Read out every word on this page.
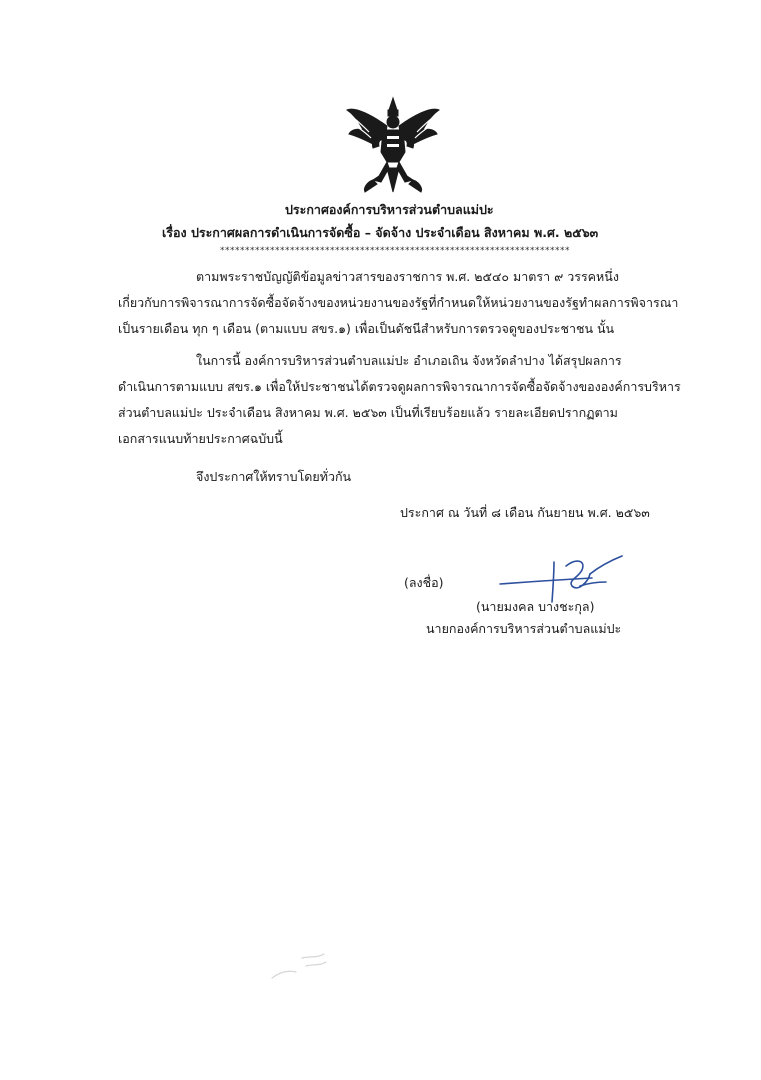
ประกาศองค์การบริหารส่วนตำบลแม่ปะ
เรื่อง ประกาศผลการดำเนินการจัดซื้อ – จัดจ้าง ประจำเดือน สิงหาคม พ.ศ. ๒๕๖๓
**********************************************************************
ตามพระราชบัญญัติข้อมูลข่าวสารของราชการ พ.ศ. ๒๕๔๐ มาตรา ๙ วรรคหนึ่ง
เกี่ยวกับการพิจารณาการจัดซื้อจัดจ้างของหน่วยงานของรัฐที่กำหนดให้หน่วยงานของรัฐทำผลการพิจารณา
เป็นรายเดือน ทุก ๆ เดือน (ตามแบบ สขร.๑) เพื่อเป็นดัชนีสำหรับการตรวจดูของประชาชน นั้น
ในการนี้ องค์การบริหารส่วนตำบลแม่ปะ อำเภอเถิน จังหวัดลำปาง ได้สรุปผลการ
ดำเนินการตามแบบ สขร.๑ เพื่อให้ประชาชนได้ตรวจดูผลการพิจารณาการจัดซื้อจัดจ้างขององค์การบริหาร
ส่วนตำบลแม่ปะ ประจำเดือน สิงหาคม พ.ศ. ๒๕๖๓ เป็นที่เรียบร้อยแล้ว รายละเอียดปรากฏตาม
เอกสารแนบท้ายประกาศฉบับนี้
จึงประกาศให้ทราบโดยทั่วกัน
ประกาศ ณ วันที่ ๘ เดือน กันยายน พ.ศ. ๒๕๖๓
(ลงชื่อ)
(นายมงคล บางชะกุล)
นายกองค์การบริหารส่วนตำบลแม่ปะ
